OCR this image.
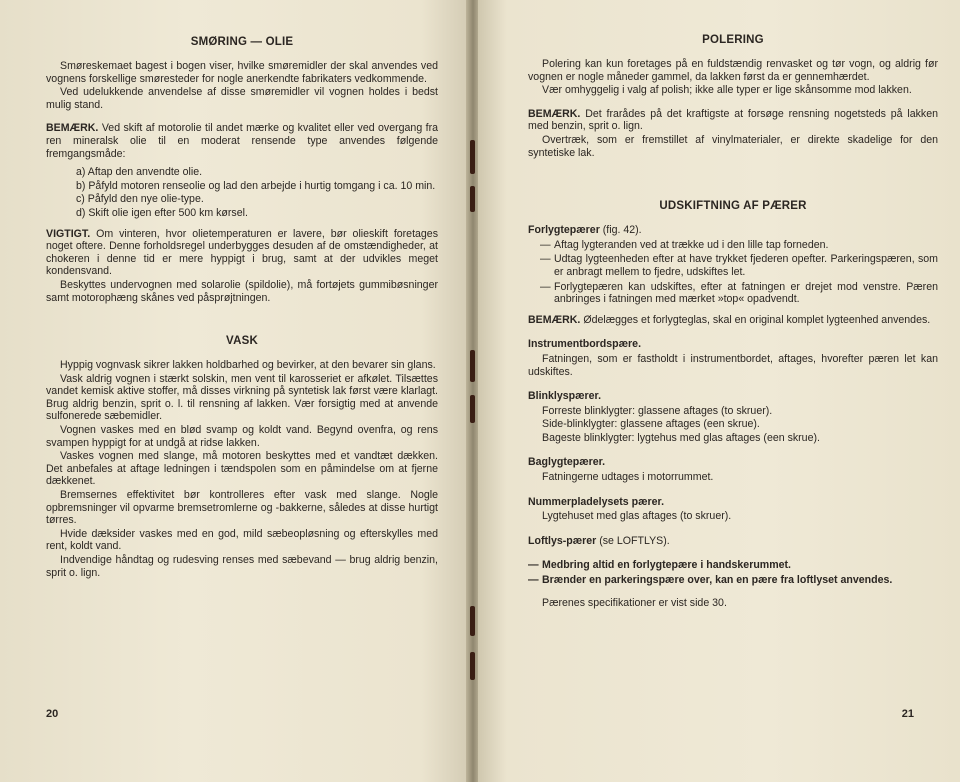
SMØRING — OLIE

Smøreskemaet bagest i bogen viser, hvilke smøremidler der skal anvendes ved vognens forskellige smøresteder for nogle anerkendte fabrikaters vedkommende.

Ved udelukkende anvendelse af disse smøremidler vil vognen holdes i bedst mulig stand.

BEMÆRK. Ved skift af motorolie til andet mærke og kvalitet eller ved overgang fra ren mineralsk olie til en moderat rensende type anvendes følgende fremgangsmåde:

a) Aftap den anvendte olie.
b) Påfyld motoren renseolie og lad den arbejde i hurtig tomgang i ca. 10 min.
c) Påfyld den nye olie-type.
d) Skift olie igen efter 500 km kørsel.

VIGTIGT. Om vinteren, hvor olietemperaturen er lavere, bør olieskift foretages noget oftere. Denne forholdsregel underbygges desuden af de omstændigheder, at chokeren i denne tid er mere hyppigt i brug, samt at der udvikles meget kondensvand.

Beskyttes undervognen med solarolie (spildolie), må fortøjets gummibøsninger samt motorophæng skånes ved påsprøjtningen.

VASK

Hyppig vognvask sikrer lakken holdbarhed og bevirker, at den bevarer sin glans.

Vask aldrig vognen i stærkt solskin, men vent til karosseriet er afkølet. Tilsættes vandet kemisk aktive stoffer, må disses virkning på syntetisk lak først være klarlagt. Brug aldrig benzin, sprit o. l. til rensning af lakken. Vær forsigtig med at anvende sulfonerede sæbemidler.

Vognen vaskes med en blød svamp og koldt vand. Begynd ovenfra, og rens svampen hyppigt for at undgå at ridse lakken.

Vaskes vognen med slange, må motoren beskyttes med et vandtæt dækken. Det anbefales at aftage ledningen i tændspolen som en påmindelse om at fjerne dækkenet.

Bremsernes effektivitet bør kontrolleres efter vask med slange. Nogle opbremsninger vil opvarme bremsetromlerne og -bakkerne, således at disse hurtigt tørres.

Hvide dæksider vaskes med en god, mild sæbeopløsning og efterskylles med rent, koldt vand.

Indvendige håndtag og rudesving renses med sæbevand — brug aldrig benzin, sprit o. lign.

20
POLERING

Polering kan kun foretages på en fuldstændig renvasket og tør vogn, og aldrig før vognen er nogle måneder gammel, da lakken først da er gennemhærdet.

Vær omhyggelig i valg af polish; ikke alle typer er lige skånsomme mod lakken.

BEMÆRK. Det frarådes på det kraftigste at forsøge rensning nogetsteds på lakken med benzin, sprit o. lign.

Overtræk, som er fremstillet af vinylmaterialer, er direkte skadelige for den syntetiske lak.

UDSKIFTNING AF PÆRER

Forlygtepærer (fig. 42).

— Aftag lygteranden ved at trække ud i den lille tap forneden.
— Udtag lygteenheden efter at have trykket fjederen opefter. Parkeringspæren, som er anbragt mellem to fjedre, udskiftes let.
— Forlygtepæren kan udskiftes, efter at fatningen er drejet mod venstre. Pæren anbringes i fatningen med mærket »top« opadvendt.

BEMÆRK. Ødelægges et forlygteglas, skal en original komplet lygteenhed anvendes.

Instrumentbordspære.

Fatningen, som er fastholdt i instrumentbordet, aftages, hvorefter pæren let kan udskiftes.

Blinklyspærer.

Forreste blinklygter: glassene aftages (to skruer).

Side-blinklygter: glassene aftages (een skrue).

Bageste blinklygter: lygtehus med glas aftages (een skrue).

Baglygtepærer.

Fatningerne udtages i motorrummet.

Nummerpladelysets pærer.

Lygtehuset med glas aftages (to skruer).

Loftlys-pærer (se LOFTLYS).

— Medbring altid en forlygtepære i handskerummet.
— Brænder en parkeringspære over, kan en pære fra loftlyset anvendes.

Pærenes specifikationer er vist side 30.

21
